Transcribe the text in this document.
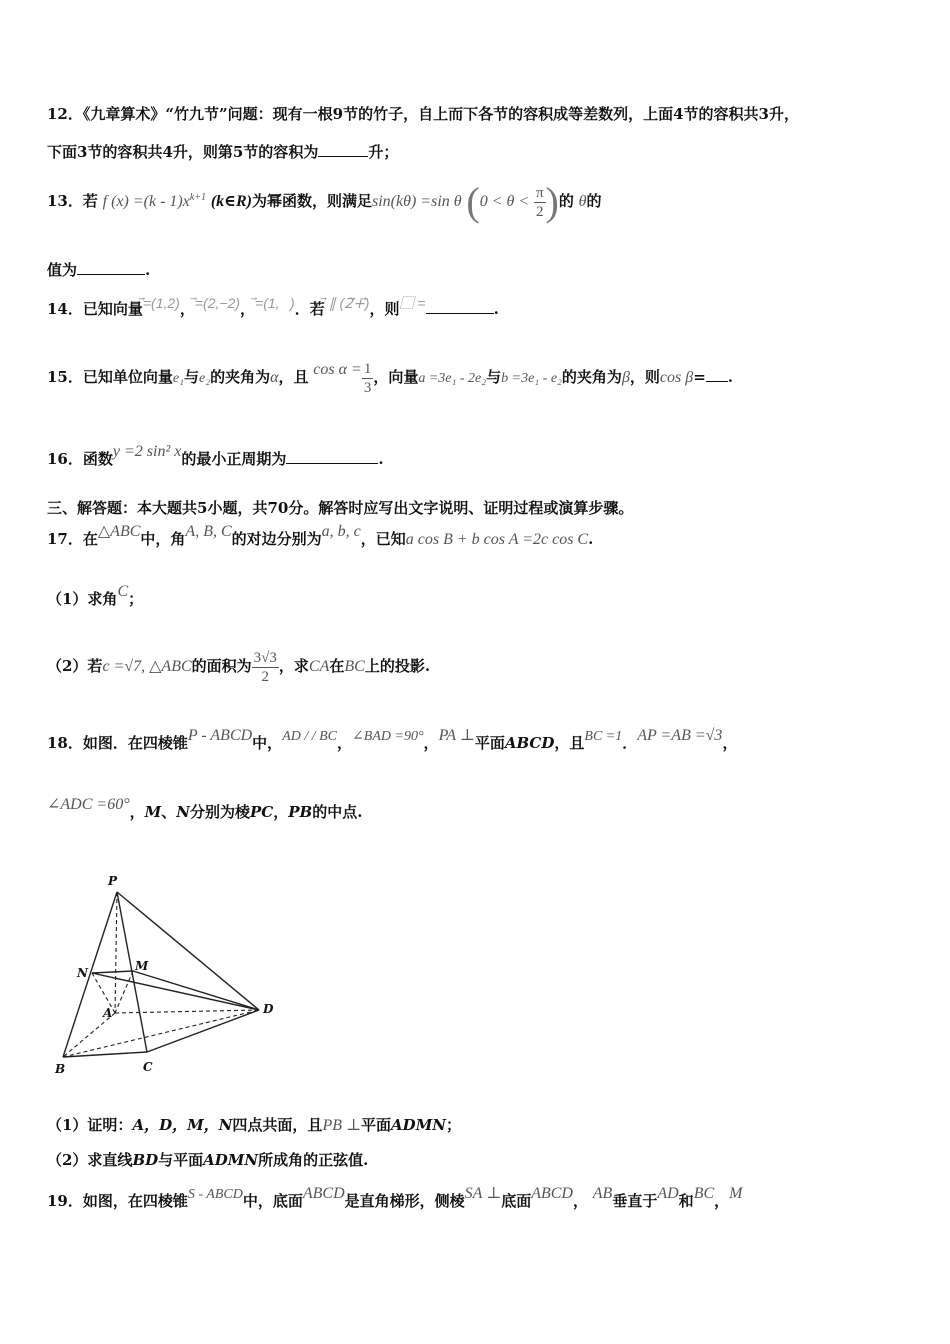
12．《九章算术》“竹九节”问题：现有一根9节的竹子，自上而下各节的容积成等差数列，上面4节的容积共3升，
下面3节的容积共4升，则第5节的容积为	升；
13．若 f $(x) =(k - 1)x^{k+1}$ (k∈R)为幂函数，则满足sin(kθ) =sin θ ($0 < \theta < \frac{\pi}{2}$ )的 θ的
值为	.
14．已知向量⃗=(1,2)，⃗=(2,−2)，⃗=(1,⃞)．若⃗ ∥ (2⃗+⃗)，则⃞ =	.
15．已知单位向量e₁与e₂的夹角为α，且 $\cos \alpha = \frac{1}{3}$ ，向量a =3e₁ - 2e₂与b =3e₁ - e₂的夹角为β，则cos β= .
16．函数y =2 sin² x的最小正周期为	.
三、解答题：本大题共5小题，共70分。解答时应写出文字说明、证明过程或演算步骤。
17．在△ABC中，角A, B, C的对边分别为a, b, c，已知a cos B + b cos A =2c cos C.
（1）求角C；
（2）若c =√7, △ABC的面积为 $\frac{3√3}{2}$ ，求CA在BC上的投影.
18．如图．在四棱锥P - ABCD中，AD / / BC，∠BAD =90°，PA ⊥平面ABCD，且BC =1．AP =AB =√3，
∠ADC =60°，M、N分别为棱PC，PB的中点.
P
N	M
A	D
B	C
（1）证明：A，D，M，N四点共面，且PB ⊥平面ADMN；
（2）求直线BD与平面ADMN所成角的正弦值.
19．如图，在四棱锥S - ABCD中，底面ABCD是直角梯形，侧棱SA ⊥底面ABCD， AB垂直于AD和BC，M
